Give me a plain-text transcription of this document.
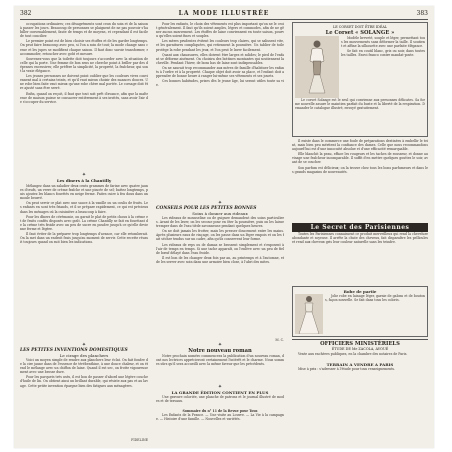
382	LA MODE ILLUSTRÉE	383

occupations ordinaires; ces désagréments sont ceux du soin et de la saison à passer les jours. Beaucoup de personnes se plaignent de ne pas pouvoir s'habiller convenablement, faute de temps et de moyens, et cependant il est facile de tout concilier.

Le premier point est de bien choisir ses étoffes et de les garder longtemps. On peut faire beaucoup avec peu, si l'on a soin de tout; la mode change sans cesse et les jupes se modifient chaque saison. Il faut donc savoir transformer, raccommoder, retoucher avec goût et mesure.

Souvenez-vous que la toilette doit toujours s'accorder avec la situation de celle qui la porte. Une femme de bon sens ne cherche point à briller par des dépenses excessives; elle préfère la simplicité, la propreté, la fraîcheur, qui sont la vraie élégance.

Les jeunes personnes ne doivent point oublier que les couleurs vives conviennent mal à certains teints, et qu'il vaut mieux choisir des nuances douces. Une robe bien faite vaut mieux qu'une robe chère mal portée. Le corsage doit être ajusté sans être serré.

Enfin, quand on reçoit, il faut que tout soit prêt d'avance, afin que la maîtresse de maison puisse se consacrer entièrement à ses invités, sans avoir l'air de s'occuper du service.

✦
Les dîners à la Chantilly

Mélangez dans un saladier deux cents grammes de farine avec quatre jaunes d'œufs, un verre de crème fraîche et une pincée de sel; battez longtemps, puis ajoutez les blancs fouettés en neige ferme. Faites cuire à feu doux dans un moule beurré.

On peut servir ce plat avec une sauce à la vanille ou un coulis de fruits. Les enfants en sont très friands, et il se prépare rapidement, ce qui est précieux dans les ménages où la cuisinière a beaucoup à faire.

Pour les dîners de cérémonie, on garnit le plat de petits choux à la crème et de fruits confits disposés avec goût. La crème Chantilly se fait en fouettant de la crème très froide avec un peu de sucre en poudre jusqu'à ce qu'elle devienne ferme et légère.

Il faut éviter de la préparer trop longtemps d'avance, car elle retomberait. On la met dans un endroit frais jusqu'au moment de servir. Cette recette réussit toujours quand on suit bien les indications.

✦
LES PETITES INVENTIONS DOMESTIQUES
Le cirage des planchers

Voici un moyen simple de rendre aux planchers leur éclat. On fait fondre de la cire jaune dans de l'essence de térébenthine, à une douce chaleur, et on étend le mélange avec un chiffon de laine. Quand il est sec, on frotte vigoureusement avec une brosse dure.

Pour les parquets très usés, il est bon de passer d'abord une légère couche d'huile de lin. On obtient ainsi un brillant durable, qui résiste aux pas et au lavage. Cette petite invention épargne bien des fatigues aux ménagères.

FIDELINE

Pour les enfants, le choix des vêtements est plus important qu'on ne le croit généralement. Il faut qu'ils soient amples, légers et commodes, afin de ne gêner aucun mouvement. Les étoffes de laine conviennent en toute saison, pourvu qu'elles soient fines et souples.

Les mères prudentes évitent les couleurs trop claires, qui se salissent vite, et les garnitures compliquées, qui retiennent la poussière. Un tablier de toile protège la robe pendant les jeux, et l'on peut le laver facilement.

Quant aux chaussures, elles doivent être larges et solides; le pied de l'enfant se déforme aisément. On choisira des bottines montantes qui soutiennent la cheville. Pendant l'hiver, de bons bas de laine sont indispensables.

On ne saurait trop recommander aux mères de famille d'habituer les enfants à l'ordre et à la propreté. Chaque objet doit avoir sa place, et l'enfant doit apprendre de bonne heure à ranger lui-même ses vêtements et ses jouets.

Ces bonnes habitudes, prises dès le jeune âge, lui seront utiles toute sa vie.

✦
CONSEILS POUR LES PETITES BONNES
Soins à donner aux rideaux

Les rideaux de mousseline ou de guipure demandent des soins particuliers. Avant de les laver, on les secoue pour en ôter la poussière, puis on les laisse tremper dans de l'eau tiède savonneuse pendant quelques heures.

On ne doit jamais les frotter, mais les presser doucement entre les mains. Après plusieurs eaux de rinçage, on les passe dans un léger empois et on les fait sécher tendus sur un cadre, afin qu'ils conservent leur forme.

Les rideaux de reps ou de damas se brossent simplement et s'exposent à l'air de temps en temps. Si une tache apparaît, on l'enlève avec un peu de fiel de bœuf délayé dans l'eau froide.

Il est bon de les changer deux fois par an, au printemps et à l'automne, et de les serrer avec soin dans une armoire bien close, à l'abri des mites.

M. C.
✦
Notre nouveau roman

Notre prochain numéro commencera la publication d'un nouveau roman, dont nos lectrices apprécieront certainement l'intérêt et le charme. Nous sommes sûrs qu'il sera accueilli avec la même faveur que les précédents.

✦
LA GRANDE ÉDITION CONTIENT EN PLUS

Une gravure coloriée, une planche de patrons et le journal illustré de modes et de travaux.

Sommaire du n° 11 de la Revue pour Tous

Les Enfants de la France. — Une visite au Louvre. — La Vie à la campagne. — Histoire d'une famille. — Nouvelles et variétés.

LE CORSET DOIT ÊTRE IDÉAL
Le Corset « SOLANGE »

Modèle breveté, souple et léger, permettant tous les mouvements sans déformer la taille. Il soutient et affine la silhouette avec une parfaite élégance.

Se fait en coutil blanc, gris ou noir, dans toutes les tailles. Envoi franco contre mandat-poste.

Le corset Solange est le seul qui convienne aux personnes délicates. Sa forme nouvelle assure le maintien parfait du buste et la liberté de la respiration. Demander le catalogue illustré, envoyé gratuitement.

Il existe dans le commerce une foule de préparations destinées à embellir le teint, mais bien peu méritent la confiance des dames. Celle que nous recommandons aujourd'hui est d'une innocuité absolue et d'une efficacité remarquable.

Elle blanchit la peau, efface les rougeurs et les taches de rousseur, et donne au visage une fraîcheur incomparable. Il suffit d'en mettre quelques gouttes le soir, avant de se coucher.

Son parfum est délicieux; on la trouve chez tous les bons parfumeurs et dans les grands magasins de nouveautés.

Le Secret des Parisiennes

Toutes les Parisiennes connaissent ce produit merveilleux qui rend la chevelure abondante et soyeuse. Il arrête la chute des cheveux, fait disparaître les pellicules et rend aux cheveux gris leur couleur naturelle sans les teindre.

Robe de partie

Jolie robe en lainage léger, garnie de galons et de boutons, façon nouvelle. Se fait dans tous les coloris.

OFFICIERS MINISTÉRIELS
ÉTUDE DE Me ZACOLA, AVOUÉ

Vente aux enchères publiques, en la chambre des notaires de Paris.

TERRAIN A VENDRE A PARIS

Mise à prix : s'adresser à l'étude pour tous renseignements.
